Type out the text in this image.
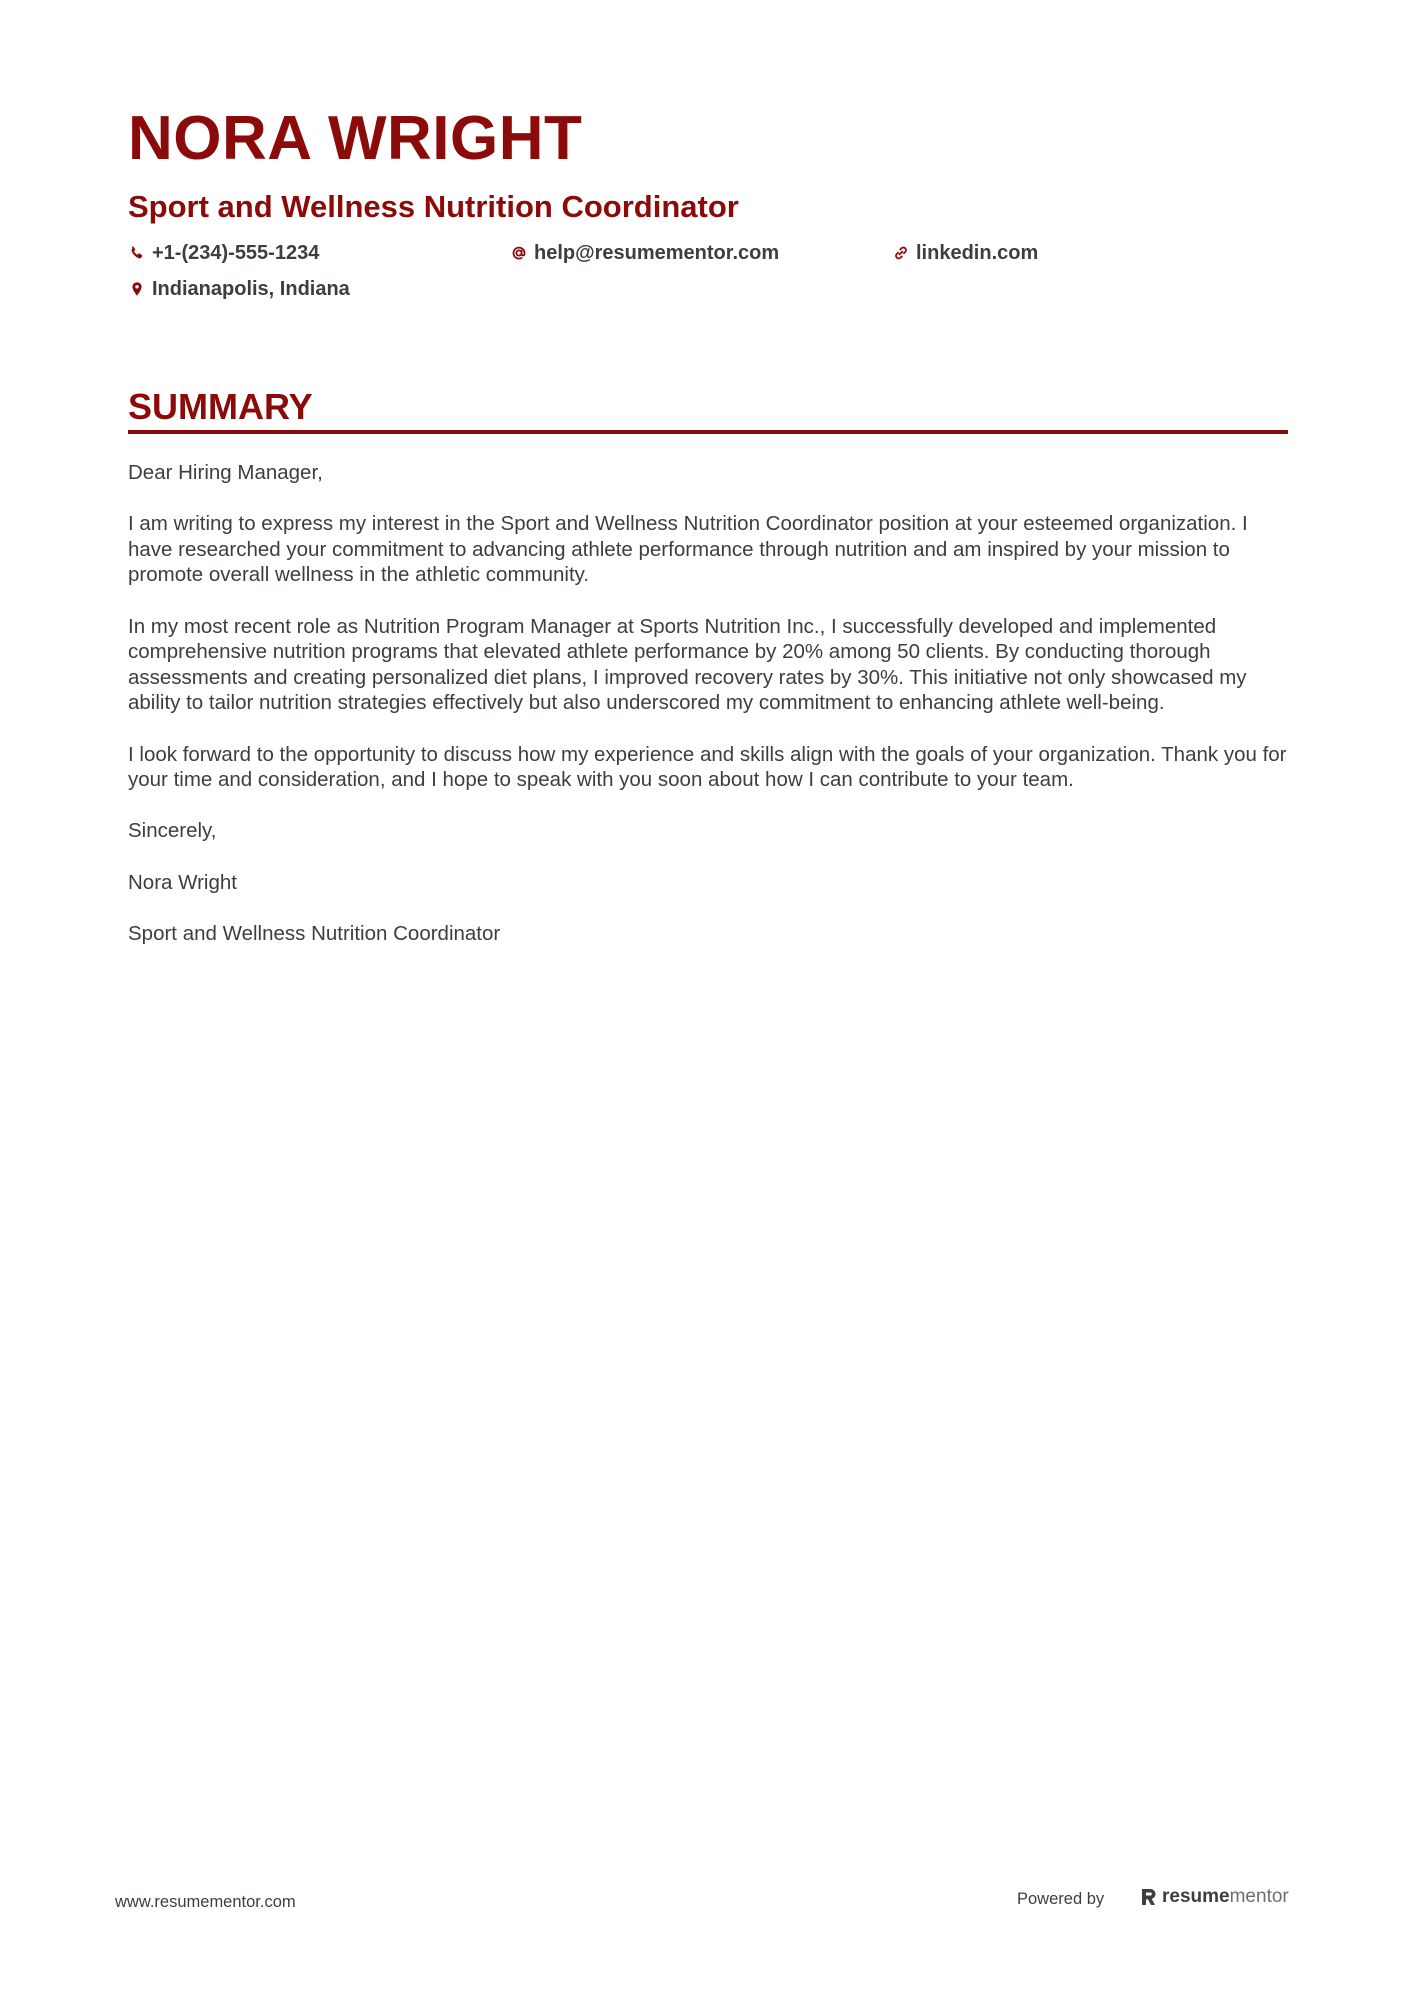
NORA WRIGHT
Sport and Wellness Nutrition Coordinator
+1-(234)-555-1234	help@resumementor.com	linkedin.com
Indianapolis, Indiana
SUMMARY

Dear Hiring Manager,

I am writing to express my interest in the Sport and Wellness Nutrition Coordinator position at your esteemed organization. I have researched your commitment to advancing athlete performance through nutrition and am inspired by your mission to promote overall wellness in the athletic community.

In my most recent role as Nutrition Program Manager at Sports Nutrition Inc., I successfully developed and implemented comprehensive nutrition programs that elevated athlete performance by 20% among 50 clients. By conducting thorough assessments and creating personalized diet plans, I improved recovery rates by 30%. This initiative not only showcased my ability to tailor nutrition strategies effectively but also underscored my commitment to enhancing athlete well-being.

I look forward to the opportunity to discuss how my experience and skills align with the goals of your organization. Thank you for your time and consideration, and I hope to speak with you soon about how I can contribute to your team.

Sincerely,

Nora Wright

Sport and Wellness Nutrition Coordinator

www.resumementor.com	Powered by	resume mentor
